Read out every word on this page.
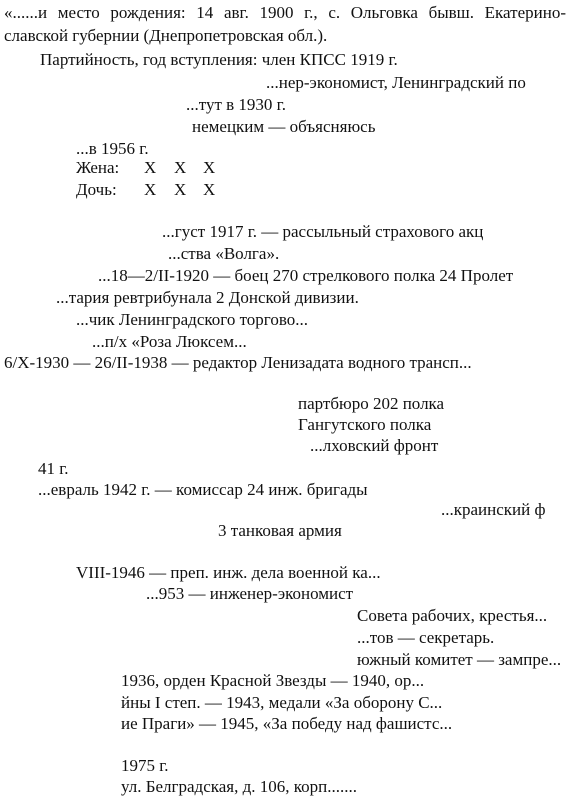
«......и место рождения: 14 авг. 1900 г., с. Ольговка бывш. Екатерино-
славской губернии (Днепропетровская обл.).
Партийность, год вступления: член КПСС 1919 г.
...нер-экономист, Ленинградский по
...тут в 1930 г.
немецким — объясняюсь
...в 1956 г.
Жена: X X X
Дочь: X X X
...густ 1917 г. — рассыльный страхового акц
...ства «Волга».
...18—2/II-1920 — боец 270 стрелкового полка 24 Пролет
...тария ревтрибунала 2 Донской дивизии.
...чик Ленинградского торгово...
...п/х «Роза Люксем...
6/X-1930 — 26/II-1938 — редактор Ленизадата водного трансп...
партбюро 202 полка
Гангутского полка
...лховский фронт
41 г.
...евраль 1942 г. — комиссар 24 инж. бригады
...краинский ф
3 танковая армия
VIII-1946 — преп. инж. дела военной ка...
...953 — инженер-экономист
Совета рабочих, крестья...
...тов — секретарь.
южный комитет — зампре...
1936, орден Красной Звезды — 1940, ор...
йны I степ. — 1943, медали «За оборону С...
ие Праги» — 1945, «За победу над фашистс...
1975 г.
ул. Белградская, д. 106, корп.......
